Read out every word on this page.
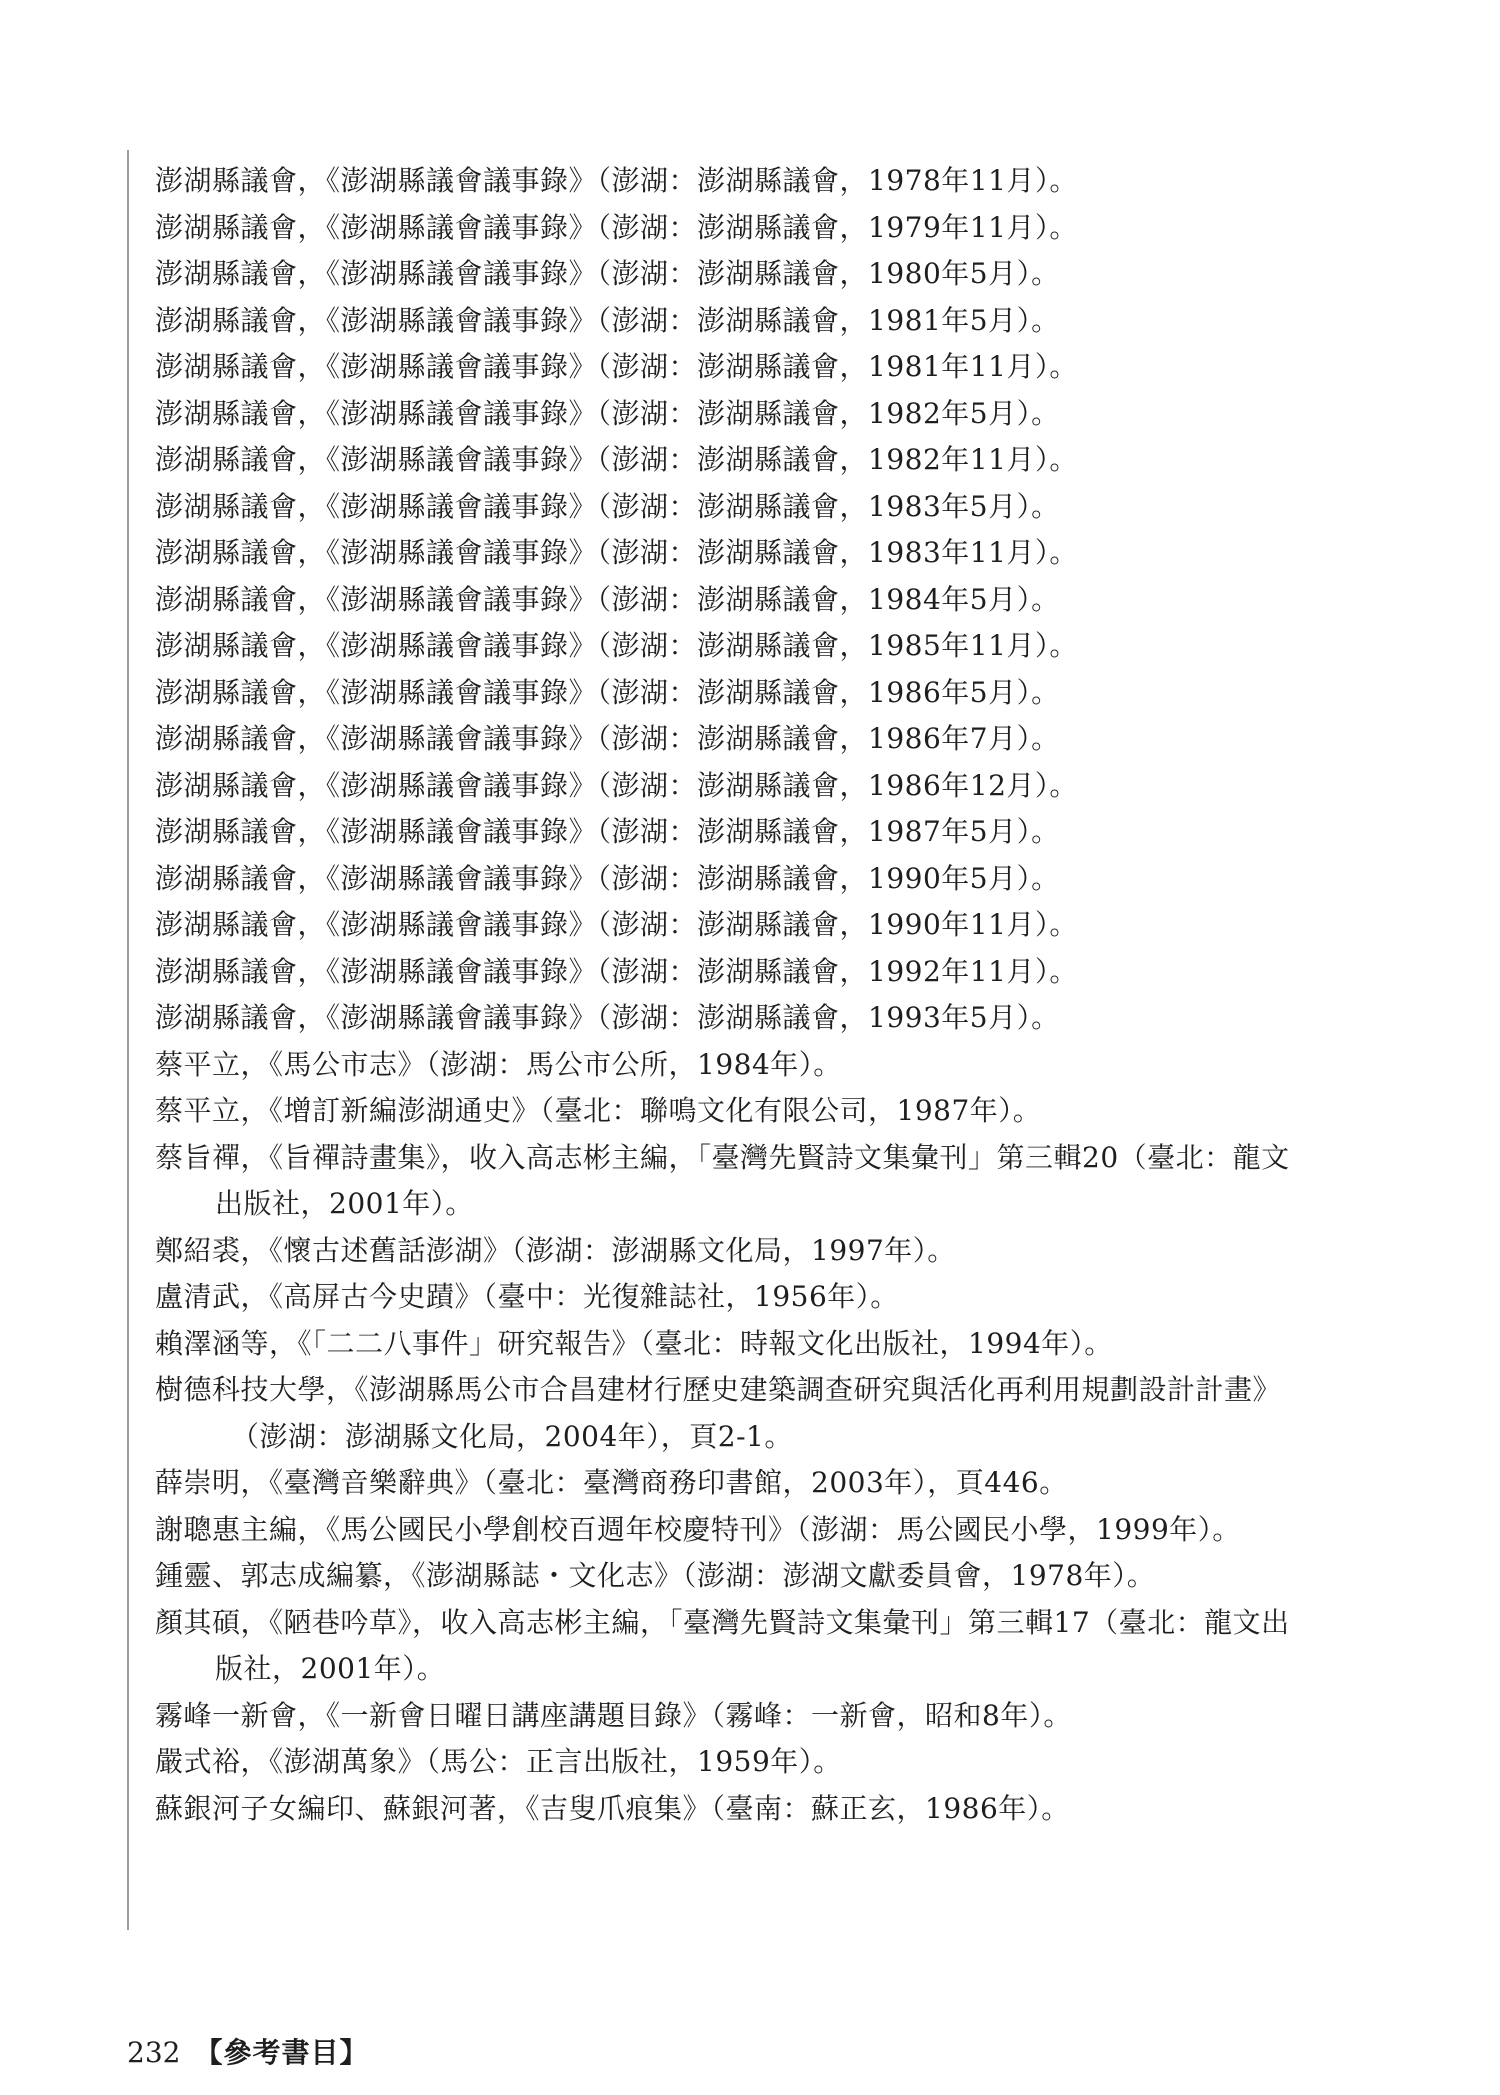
澎湖縣議會，《澎湖縣議會議事錄》（澎湖：澎湖縣議會，1978年11月）。
澎湖縣議會，《澎湖縣議會議事錄》（澎湖：澎湖縣議會，1979年11月）。
澎湖縣議會，《澎湖縣議會議事錄》（澎湖：澎湖縣議會，1980年5月）。
澎湖縣議會，《澎湖縣議會議事錄》（澎湖：澎湖縣議會，1981年5月）。
澎湖縣議會，《澎湖縣議會議事錄》（澎湖：澎湖縣議會，1981年11月）。
澎湖縣議會，《澎湖縣議會議事錄》（澎湖：澎湖縣議會，1982年5月）。
澎湖縣議會，《澎湖縣議會議事錄》（澎湖：澎湖縣議會，1982年11月）。
澎湖縣議會，《澎湖縣議會議事錄》（澎湖：澎湖縣議會，1983年5月）。
澎湖縣議會，《澎湖縣議會議事錄》（澎湖：澎湖縣議會，1983年11月）。
澎湖縣議會，《澎湖縣議會議事錄》（澎湖：澎湖縣議會，1984年5月）。
澎湖縣議會，《澎湖縣議會議事錄》（澎湖：澎湖縣議會，1985年11月）。
澎湖縣議會，《澎湖縣議會議事錄》（澎湖：澎湖縣議會，1986年5月）。
澎湖縣議會，《澎湖縣議會議事錄》（澎湖：澎湖縣議會，1986年7月）。
澎湖縣議會，《澎湖縣議會議事錄》（澎湖：澎湖縣議會，1986年12月）。
澎湖縣議會，《澎湖縣議會議事錄》（澎湖：澎湖縣議會，1987年5月）。
澎湖縣議會，《澎湖縣議會議事錄》（澎湖：澎湖縣議會，1990年5月）。
澎湖縣議會，《澎湖縣議會議事錄》（澎湖：澎湖縣議會，1990年11月）。
澎湖縣議會，《澎湖縣議會議事錄》（澎湖：澎湖縣議會，1992年11月）。
澎湖縣議會，《澎湖縣議會議事錄》（澎湖：澎湖縣議會，1993年5月）。
蔡平立，《馬公市志》（澎湖：馬公市公所，1984年）。
蔡平立，《增訂新編澎湖通史》（臺北：聯鳴文化有限公司，1987年）。
蔡旨禪，《旨禪詩畫集》，收入高志彬主編，「臺灣先賢詩文集彙刊」第三輯20（臺北：龍文
出版社，2001年）。
鄭紹裘，《懷古述舊話澎湖》（澎湖：澎湖縣文化局，1997年）。
盧清武，《高屏古今史蹟》（臺中：光復雜誌社，1956年）。
賴澤涵等，《「二二八事件」研究報告》（臺北：時報文化出版社，1994年）。
樹德科技大學，《澎湖縣馬公市合昌建材行歷史建築調查研究與活化再利用規劃設計計畫》
（澎湖：澎湖縣文化局，2004年），頁2-1。
薛崇明，《臺灣音樂辭典》（臺北：臺灣商務印書館，2003年），頁446。
謝聰惠主編，《馬公國民小學創校百週年校慶特刊》（澎湖：馬公國民小學，1999年）。
鍾靈、郭志成編纂，《澎湖縣誌・文化志》（澎湖：澎湖文獻委員會，1978年）。
顏其碩，《陋巷吟草》，收入高志彬主編，「臺灣先賢詩文集彙刊」第三輯17（臺北：龍文出
版社，2001年）。
霧峰一新會，《一新會日曜日講座講題目錄》（霧峰：一新會，昭和8年）。
嚴式裕，《澎湖萬象》（馬公：正言出版社，1959年）。
蘇銀河子女編印、蘇銀河著，《吉叟爪痕集》（臺南：蘇正玄，1986年）。
232 【參考書目】
